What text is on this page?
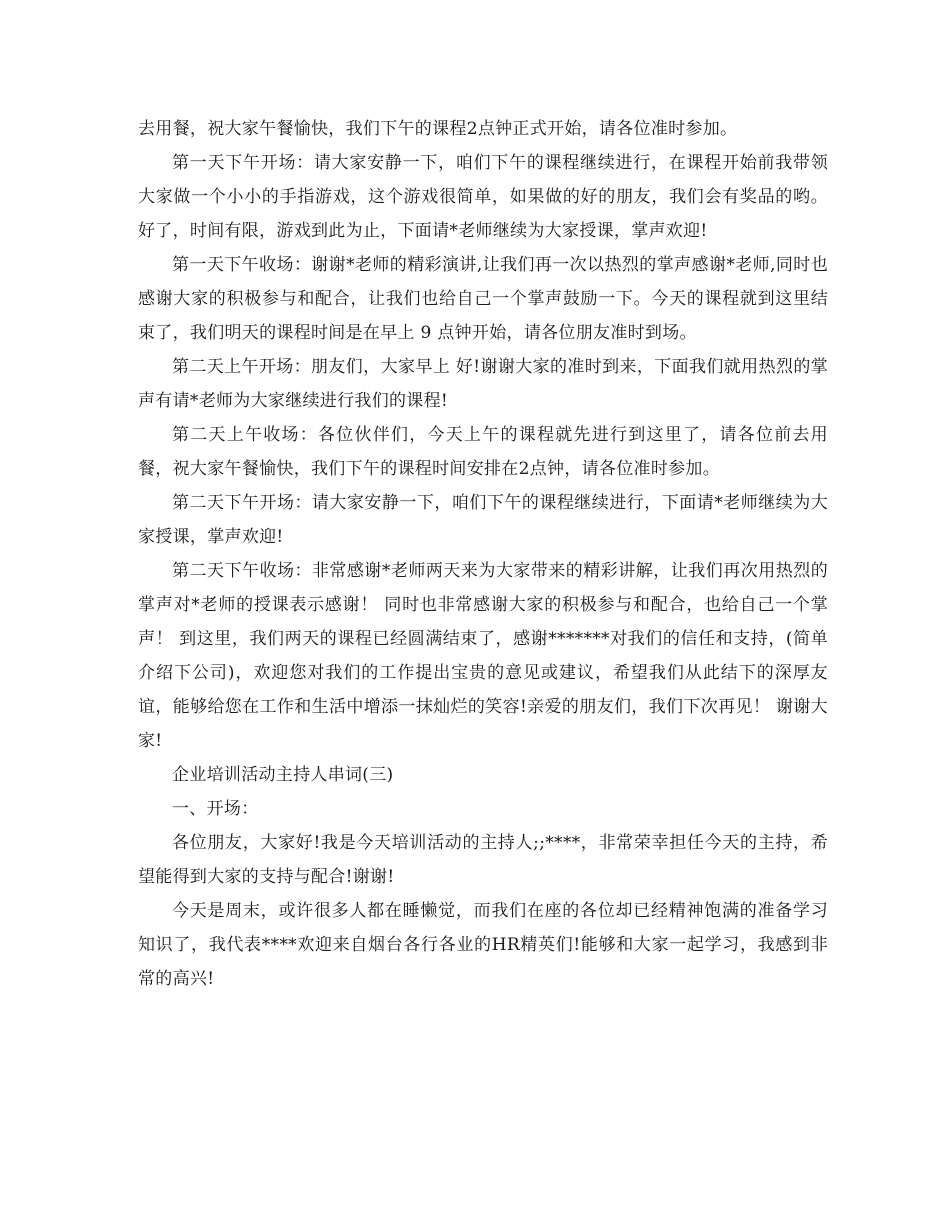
去用餐，祝大家午餐愉快，我们下午的课程2点钟正式开始，请各位准时参加。

第一天下午开场：请大家安静一下，咱们下午的课程继续进行，在课程开始前我带领大家做一个小小的手指游戏，这个游戏很简单，如果做的好的朋友，我们会有奖品的哟。 好了，时间有限，游戏到此为止，下面请*老师继续为大家授课，掌声欢迎!

第一天下午收场：谢谢*老师的精彩演讲,让我们再一次以热烈的掌声感谢*老师,同时也感谢大家的积极参与和配合，让我们也给自己一个掌声鼓励一下。今天的课程就到这里结束了，我们明天的课程时间是在早上 9 点钟开始，请各位朋友准时到场。

第二天上午开场：朋友们，大家早上 好!谢谢大家的准时到来，下面我们就用热烈的掌声有请*老师为大家继续进行我们的课程!

第二天上午收场：各位伙伴们，今天上午的课程就先进行到这里了，请各位前去用餐，祝大家午餐愉快，我们下午的课程时间安排在2点钟，请各位准时参加。

第二天下午开场：请大家安静一下，咱们下午的课程继续进行，下面请*老师继续为大家授课，掌声欢迎!

第二天下午收场：非常感谢*老师两天来为大家带来的精彩讲解，让我们再次用热烈的掌声对*老师的授课表示感谢！ 同时也非常感谢大家的积极参与和配合，也给自己一个掌声！ 到这里，我们两天的课程已经圆满结束了，感谢*******对我们的信任和支持，(简单介绍下公司)，欢迎您对我们的工作提出宝贵的意见或建议，希望我们从此结下的深厚友谊，能够给您在工作和生活中增添一抹灿烂的笑容!亲爱的朋友们，我们下次再见！ 谢谢大家!

企业培训活动主持人串词(三)

一、开场：

各位朋友，大家好!我是今天培训活动的主持人;;****，非常荣幸担任今天的主持，希望能得到大家的支持与配合!谢谢!

今天是周末，或许很多人都在睡懒觉，而我们在座的各位却已经精神饱满的准备学习知识了，我代表****欢迎来自烟台各行各业的HR精英们!能够和大家一起学习，我感到非常的高兴!
